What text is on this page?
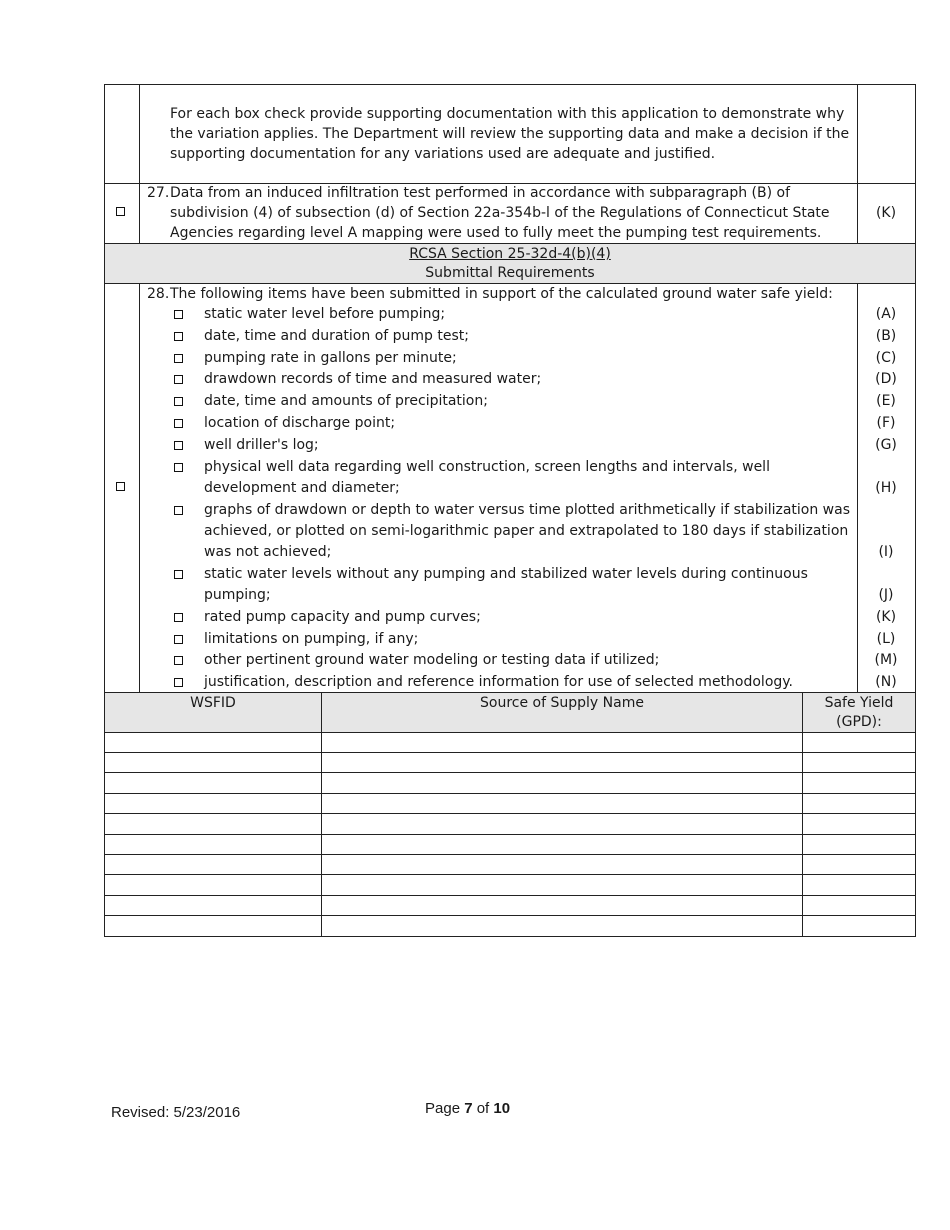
For each box check provide supporting documentation with this application to demonstrate why
the variation applies. The Department will review the supporting data and make a decision if the
supporting documentation for any variations used are adequate and justified.
27. Data from an induced infiltration test performed in accordance with subparagraph (B) of
subdivision (4) of subsection (d) of Section 22a-354b-l of the Regulations of Connecticut State
Agencies regarding level A mapping were used to fully meet the pumping test requirements.
(K)
RCSA Section 25-32d-4(b)(4)
Submittal Requirements
28. The following items have been submitted in support of the calculated ground water safe yield:
static water level before pumping;	(A)
date, time and duration of pump test;	(B)
pumping rate in gallons per minute;	(C)
drawdown records of time and measured water;	(D)
date, time and amounts of precipitation;	(E)
location of discharge point;	(F)
well driller's log;	(G)
physical well data regarding well construction, screen lengths and intervals, well
development and diameter;	(H)
graphs of drawdown or depth to water versus time plotted arithmetically if stabilization was
achieved, or plotted on semi-logarithmic paper and extrapolated to 180 days if stabilization
was not achieved;	(I)
static water levels without any pumping and stabilized water levels during continuous
pumping;	(J)
rated pump capacity and pump curves;	(K)
limitations on pumping, if any;	(L)
other pertinent ground water modeling or testing data if utilized;	(M)
justification, description and reference information for use of selected methodology.	(N)
WSFID	Source of Supply Name	Safe Yield
(GPD):
Revised: 5/23/2016	Page 7 of 10
